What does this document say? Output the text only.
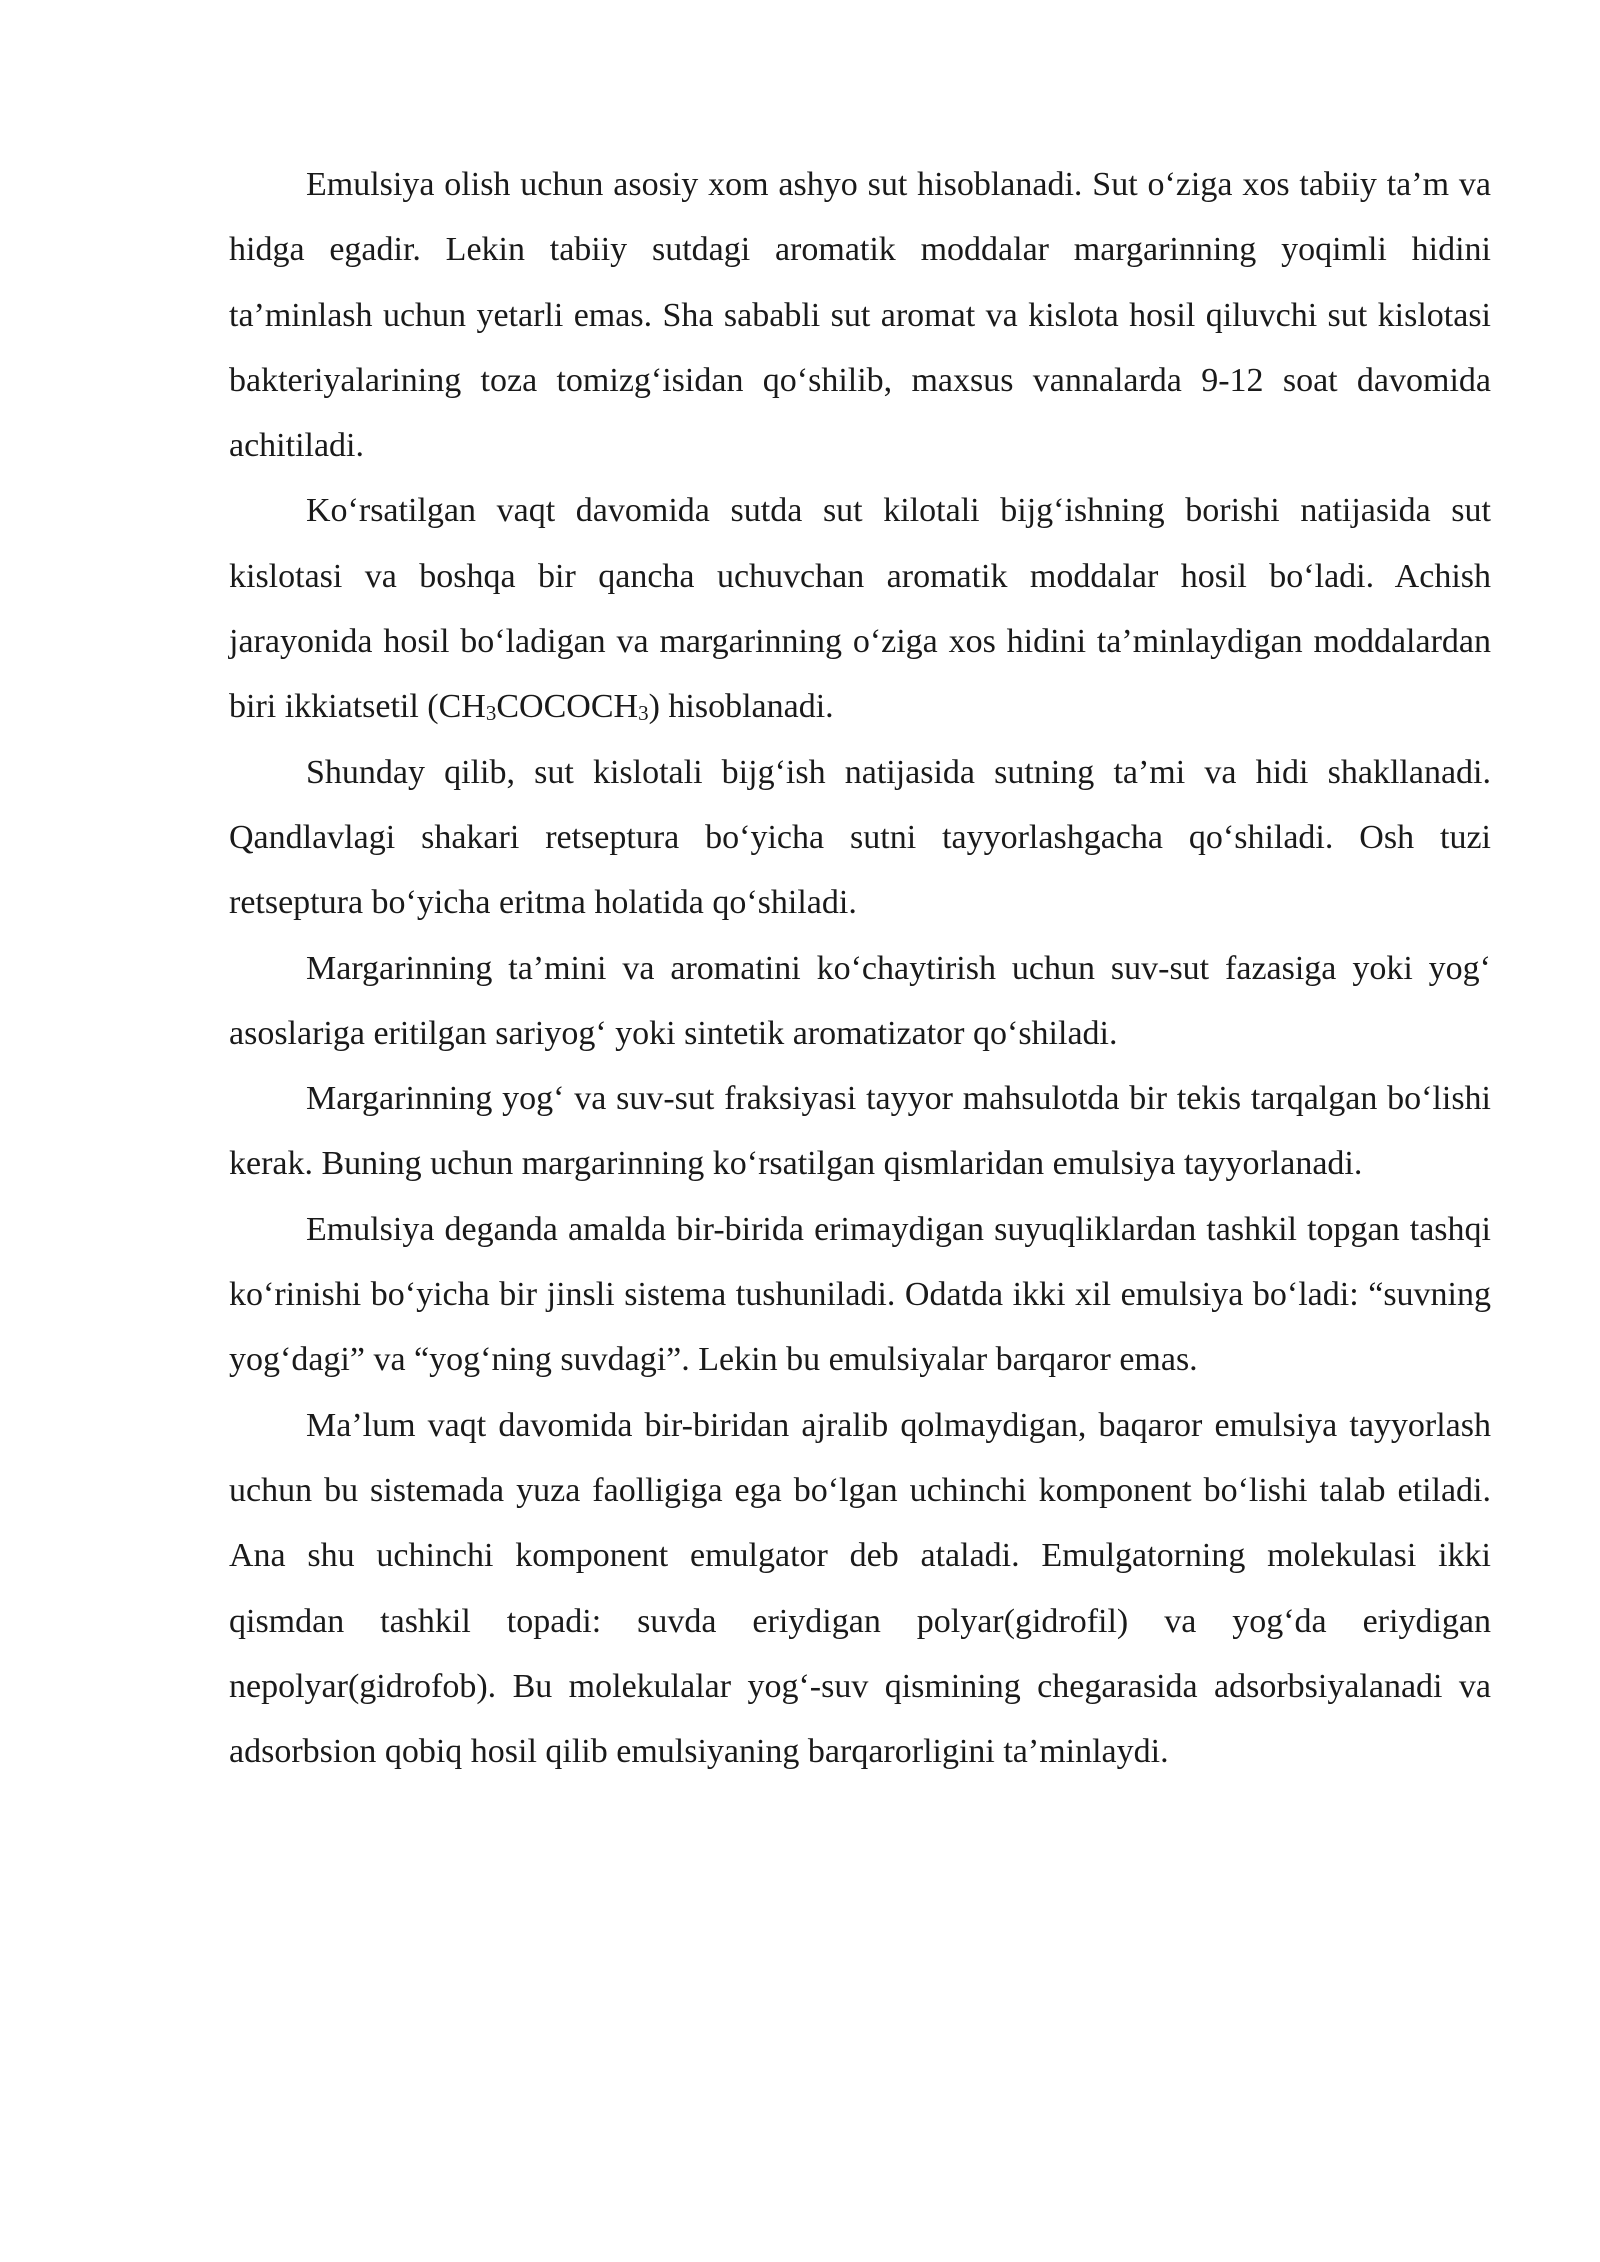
Emulsiya olish uchun asosiy xom ashyo sut hisoblanadi. Sut o‘ziga xos tabiiy ta’m va hidga egadir. Lekin tabiiy sutdagi aromatik moddalar margarinning yoqimli hidini ta’minlash uchun yetarli emas. Sha sababli sut aromat va kislota hosil qiluvchi sut kislotasi bakteriyalarining toza tomizg‘isidan qo‘shilib, maxsus vannalarda 9-12 soat davomida achitiladi.

Ko‘rsatilgan vaqt davomida sutda sut kilotali bijg‘ishning borishi natijasida sut kislotasi va boshqa bir qancha uchuvchan aromatik moddalar hosil bo‘ladi. Achish jarayonida hosil bo‘ladigan va margarinning o‘ziga xos hidini ta’minlaydigan moddalardan biri ikkiatsetil $(CH_3COCOCH_3)$ hisoblanadi.

Shunday qilib, sut kislotali bijg‘ish natijasida sutning ta’mi va hidi shakllanadi. Qandlavlagi shakari retseptura bo‘yicha sutni tayyorlashgacha qo‘shiladi. Osh tuzi retseptura bo‘yicha eritma holatida qo‘shiladi.

Margarinning ta’mini va aromatini ko‘chaytirish uchun suv-sut fazasiga yoki yog‘ asoslariga eritilgan sariyog‘ yoki sintetik aromatizator qo‘shiladi.

Margarinning yog‘ va suv-sut fraksiyasi tayyor mahsulotda bir tekis tarqalgan bo‘lishi kerak. Buning uchun margarinning ko‘rsatilgan qismlaridan emulsiya tayyorlanadi.

Emulsiya deganda amalda bir-birida erimaydigan suyuqliklardan tashkil topgan tashqi ko‘rinishi bo‘yicha bir jinsli sistema tushuniladi. Odatda ikki xil emulsiya bo‘ladi: “suvning yog‘dagi” va “yog‘ning suvdagi”. Lekin bu emulsiyalar barqaror emas.

Ma’lum vaqt davomida bir-biridan ajralib qolmaydigan, baqaror emulsiya tayyorlash uchun bu sistemada yuza faolligiga ega bo‘lgan uchinchi komponent bo‘lishi talab etiladi. Ana shu uchinchi komponent emulgator deb ataladi. Emulgatorning molekulasi ikki qismdan tashkil topadi: suvda eriydigan polyar(gidrofil) va yog‘da eriydigan nepolyar(gidrofob). Bu molekulalar yog‘-suv qismining chegarasida adsorbsiyalanadi va adsorbsion qobiq hosil qilib emulsiyaning barqarorligini ta’minlaydi.
